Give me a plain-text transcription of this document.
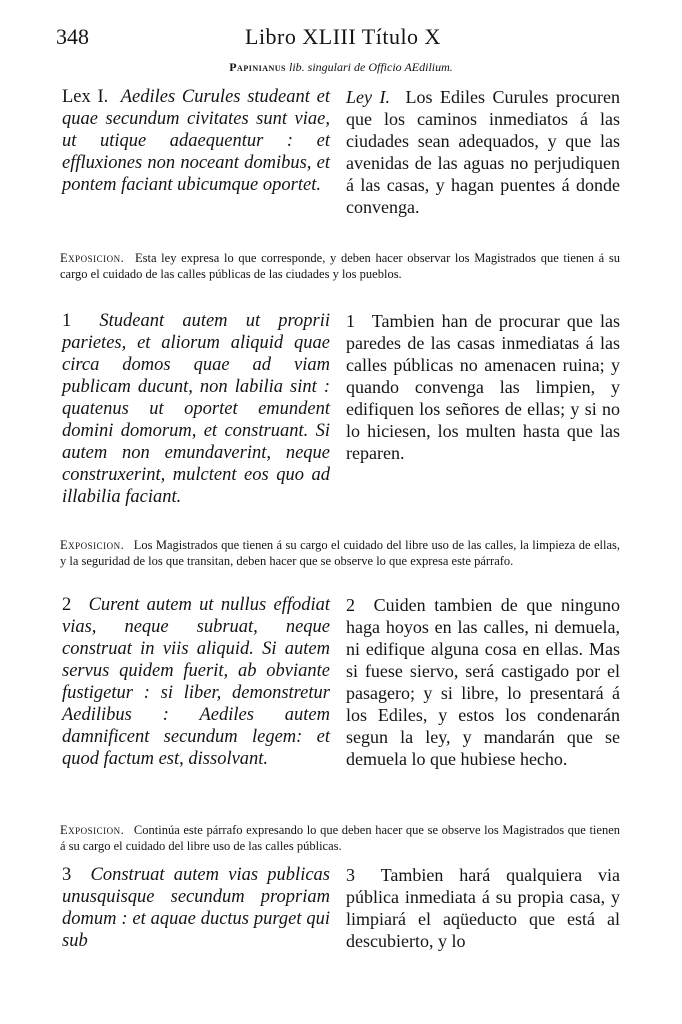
348	Libro XLIII Título X
Papinianus lib. singulari de Officio AEdilium.
Lex I. Aediles Curules studeant et quae secundum civitates sunt viae, ut utique adaequentur : et effluxiones non noceant domibus, et pontem faciant ubicumque oportet.
Ley I. Los Ediles Curules procuren que los caminos inmediatos á las ciudades sean adequados, y que las avenidas de las aguas no perjudiquen á las casas, y hagan puentes á donde convenga.
Exposicion. Esta ley expresa lo que corresponde, y deben hacer observar los Magistrados que tienen á su cargo el cuidado de las calles públicas de las ciudades y los pueblos.
1 Studeant autem ut proprii parietes, et aliorum aliquid quae circa domos quae ad viam publicam ducunt, non labilia sint : quatenus ut oportet emundent domini domorum, et construant. Si autem non emundaverint, neque construxerint, mulctent eos quo ad illabilia faciant.
1 Tambien han de procurar que las paredes de las casas inmediatas á las calles públicas no amenacen ruina; y quando convenga las limpien, y edifiquen los señores de ellas; y si no lo hiciesen, los multen hasta que las reparen.
Exposicion. Los Magistrados que tienen á su cargo el cuidado del libre uso de las calles, la limpieza de ellas, y la seguridad de los que transitan, deben hacer que se observe lo que expresa este párrafo.
2 Curent autem ut nullus effodiat vias, neque subruat, neque construat in viis aliquid. Si autem servus quidem fuerit, ab obviante fustigetur : si liber, demonstretur Aedilibus : Aediles autem damnificent secundum legem: et quod factum est, dissolvant.
2 Cuiden tambien de que ninguno haga hoyos en las calles, ni demuela, ni edifique alguna cosa en ellas. Mas si fuese siervo, será castigado por el pasagero; y si libre, lo presentará á los Ediles, y estos los condenarán segun la ley, y mandarán que se demuela lo que hubiese hecho.
Exposicion. Continúa este párrafo expresando lo que deben hacer que se observe los Magistrados que tienen á su cargo el cuidado del libre uso de las calles públicas.
3 Construat autem vias publicas unusquisque secundum propriam domum : et aquae ductus purget qui sub
3 Tambien hará qualquiera via pública inmediata á su propia casa, y limpiará el aqüeducto que está al descubierto, y lo
